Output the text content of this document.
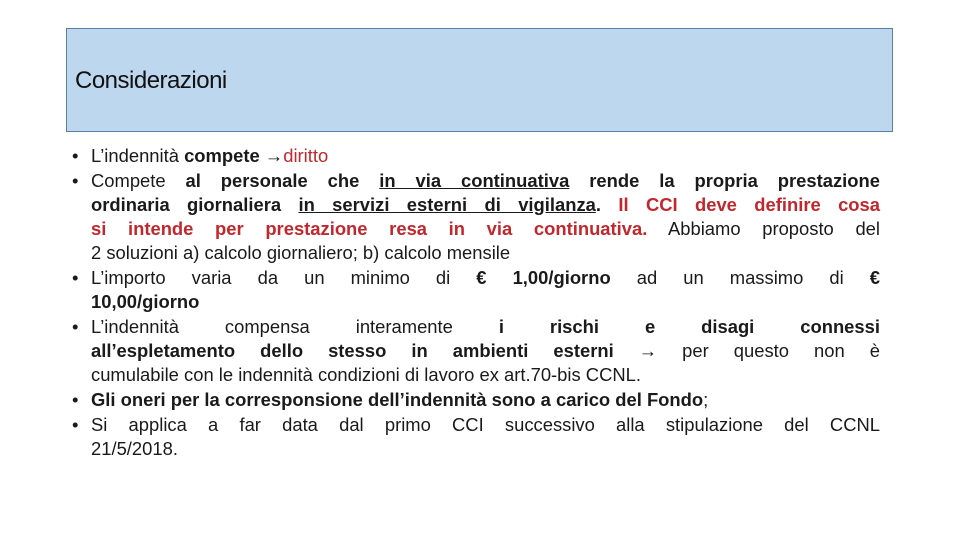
Considerazioni
• L’indennità compete →diritto
• Compete al personale che in via continuativa rende la propria prestazione
ordinaria giornaliera in servizi esterni di vigilanza. Il CCI deve definire cosa
si intende per prestazione resa in via continuativa. Abbiamo proposto del
2 soluzioni a) calcolo giornaliero; b) calcolo mensile
• L’importo varia da un minimo di € 1,00/giorno ad un massimo di €
10,00/giorno
• L’indennità compensa interamente i rischi e disagi connessi
all’espletamento dello stesso in ambienti esterni → per questo non è
cumulabile con le indennità condizioni di lavoro ex art.70-bis CCNL.
• Gli oneri per la corresponsione dell’indennità sono a carico del Fondo;
• Si applica a far data dal primo CCI successivo alla stipulazione del CCNL
21/5/2018.
